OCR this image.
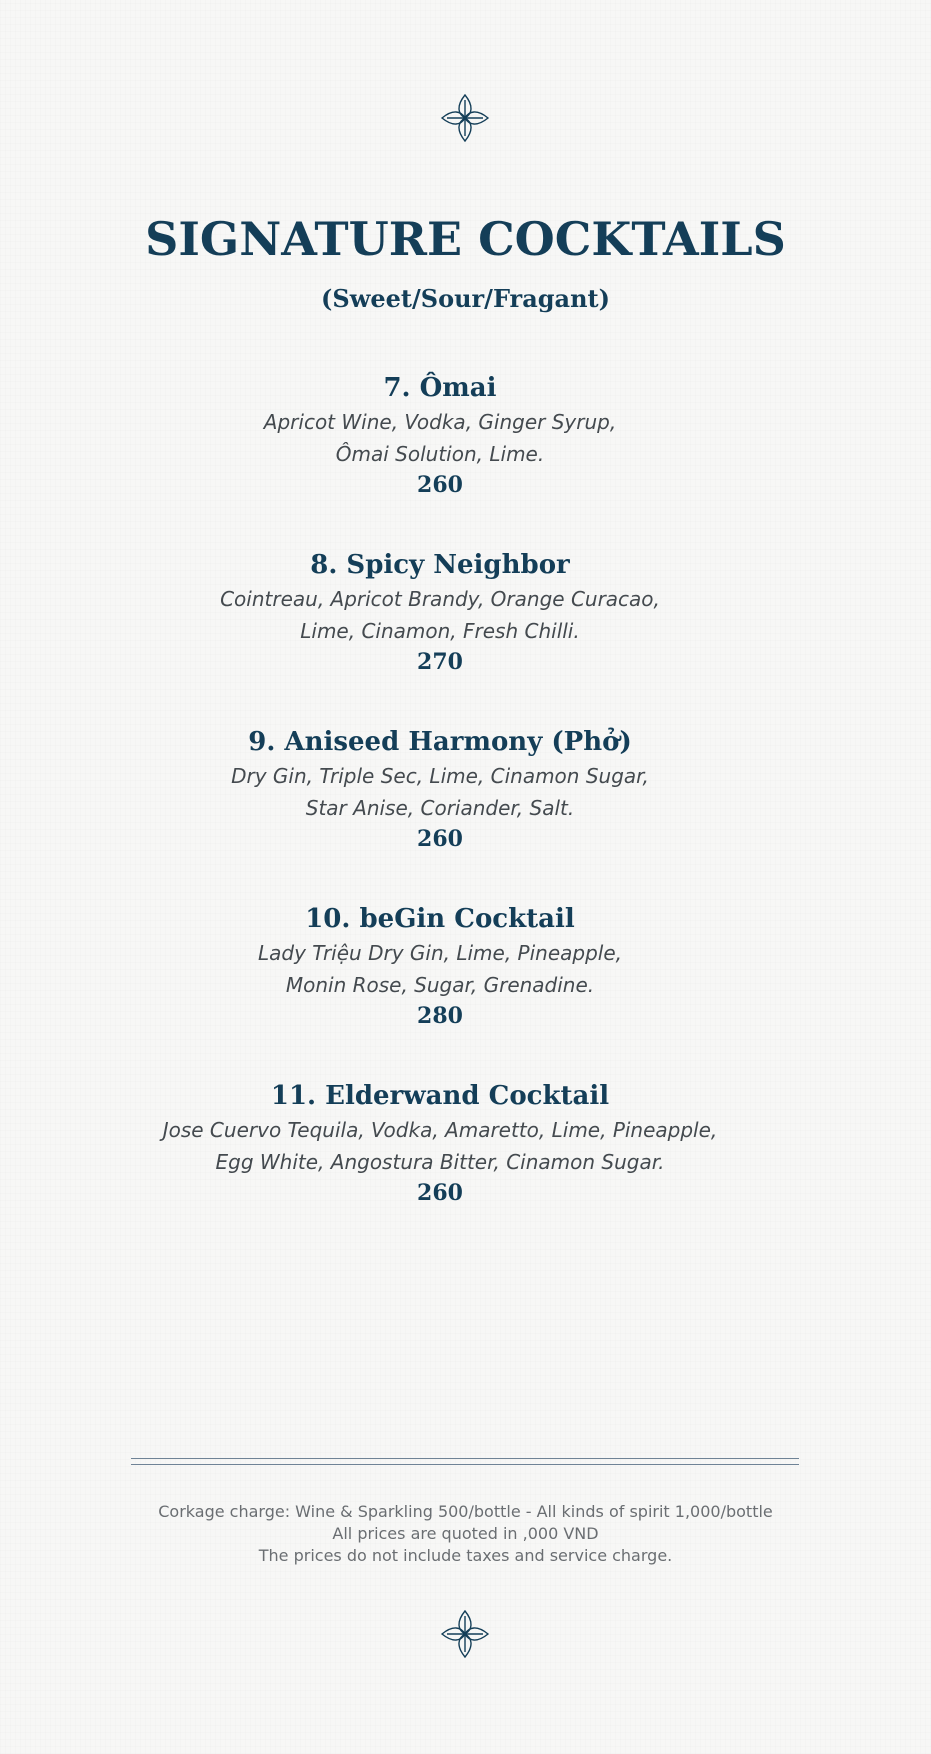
SIGNATURE COCKTAILS
(Sweet/Sour/Fragant)

7. Ômai

Apricot Wine, Vodka, Ginger Syrup,

Ômai Solution, Lime.

260

8. Spicy Neighbor

Cointreau, Apricot Brandy, Orange Curacao,

Lime, Cinamon, Fresh Chilli.

270

9. Aniseed Harmony (Phở)

Dry Gin, Triple Sec, Lime, Cinamon Sugar,

Star Anise, Coriander, Salt.

260

10. beGin Cocktail

Lady Triệu Dry Gin, Lime, Pineapple,

Monin Rose, Sugar, Grenadine.

280

11. Elderwand Cocktail

Jose Cuervo Tequila, Vodka, Amaretto, Lime, Pineapple,

Egg White, Angostura Bitter, Cinamon Sugar.

260

Corkage charge: Wine & Sparkling 500/bottle - All kinds of spirit 1,000/bottle

All prices are quoted in ,000 VND

The prices do not include taxes and service charge.
